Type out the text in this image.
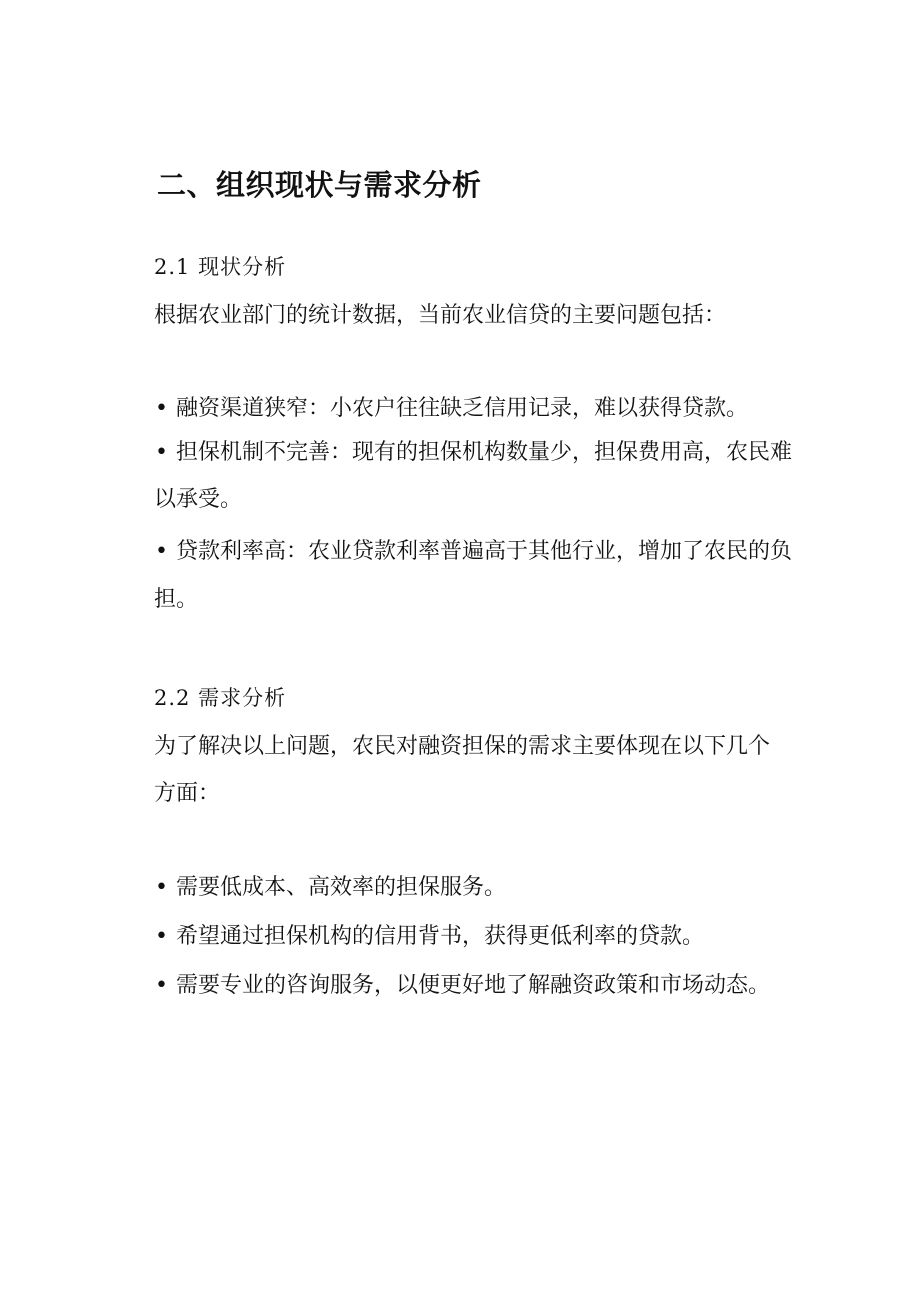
二、组织现状与需求分析

2.1 现状分析

根据农业部门的统计数据，当前农业信贷的主要问题包括：

• 融资渠道狭窄：小农户往往缺乏信用记录，难以获得贷款。

• 担保机制不完善：现有的担保机构数量少，担保费用高，农民难

以承受。

• 贷款利率高：农业贷款利率普遍高于其他行业，增加了农民的负

担。

2.2 需求分析

为了解决以上问题，农民对融资担保的需求主要体现在以下几个

方面：

• 需要低成本、高效率的担保服务。

• 希望通过担保机构的信用背书，获得更低利率的贷款。

• 需要专业的咨询服务，以便更好地了解融资政策和市场动态。
